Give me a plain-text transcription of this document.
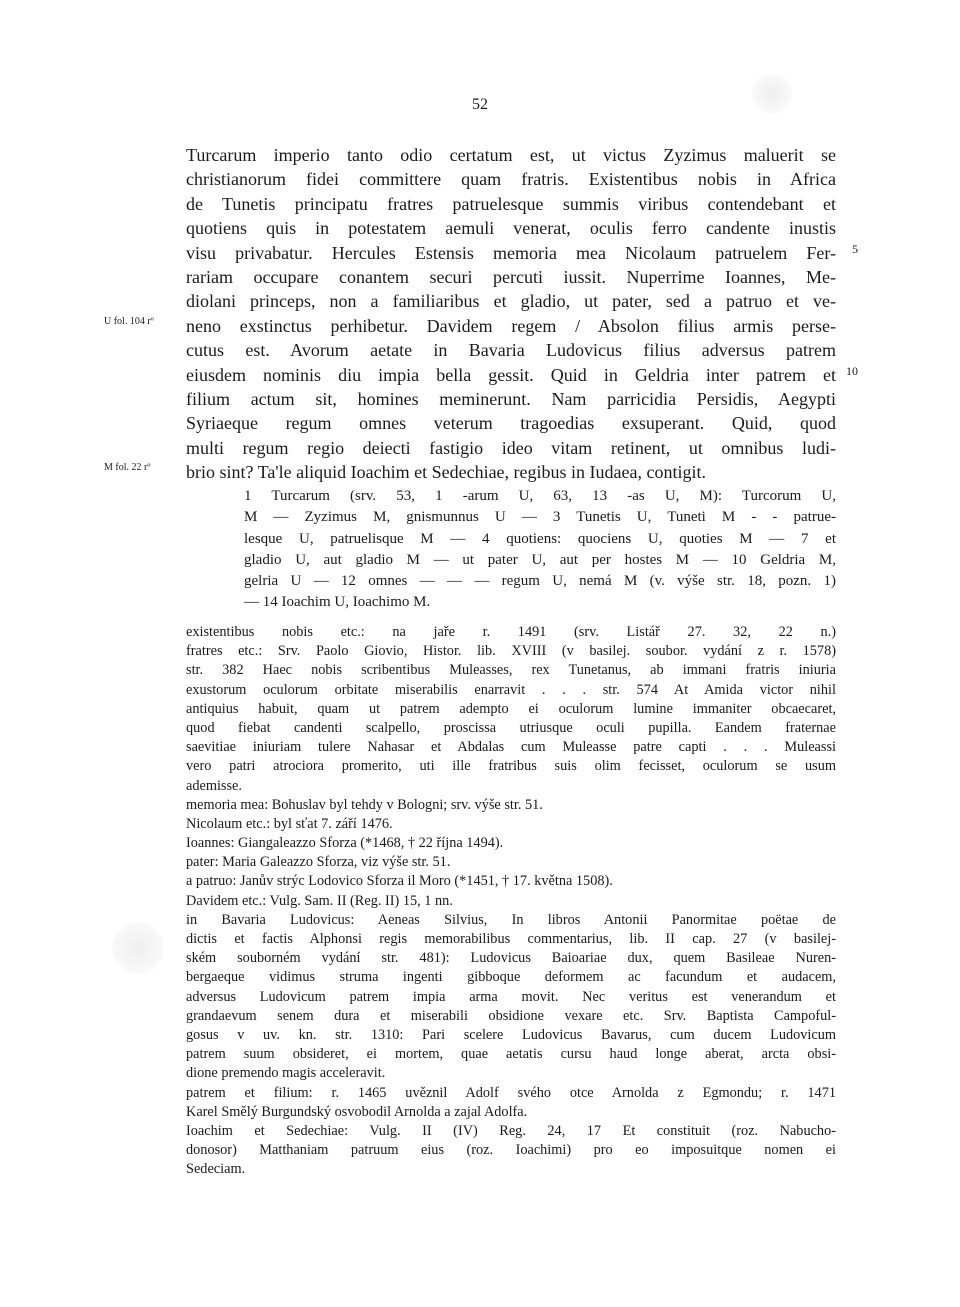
52
Turcarum imperio tanto odio certatum est, ut victus Zyzimus maluerit se
christianorum fidei committere quam fratris. Existentibus nobis in Africa
de Tunetis principatu fratres patruelesque summis viribus contendebant et
quotiens quis in potestatem aemuli venerat, oculis ferro candente inustis
visu privabatur. Hercules Estensis memoria mea Nicolaum patruelem Fer-
rariam occupare conantem securi percuti iussit. Nuperrime Ioannes, Me-
diolani princeps, non a familiaribus et gladio, ut pater, sed a patruo et ve-
neno exstinctus perhibetur. Davidem regem / Absolon filius armis perse-
cutus est. Avorum aetate in Bavaria Ludovicus filius adversus patrem
eiusdem nominis diu impia bella gessit. Quid in Geldria inter patrem et
filium actum sit, homines meminerunt. Nam parricidia Persidis, Aegypti
Syriaeque regum omnes veterum tragoedias exsuperant. Quid, quod
multi regum regio deiecti fastigio ideo vitam retinent, ut omnibus ludi-
brio sint? Ta'le aliquid Ioachim et Sedechiae, regibus in Iudaea, contigit.
U fol. 104 rº
M fol. 22 rº
5
10
1 Turcarum (srv. 53, 1 -arum U, 63, 13 -as U, M): Turcorum U,
M — Zyzimus M, gnismunnus U — 3 Tunetis U, Tuneti M - - patrue-
lesque U, patruelisque M — 4 quotiens: quociens U, quoties M — 7 et
gladio U, aut gladio M — ut pater U, aut per hostes M — 10 Geldria M,
gelria U — 12 omnes — — — regum U, nemá M (v. výše str. 18, pozn. 1)
— 14 Ioachim U, Ioachimo M.
existentibus nobis etc.: na jaře r. 1491 (srv. Listář 27. 32, 22 n.)
fratres etc.: Srv. Paolo Giovio, Histor. lib. XVIII (v basilej. soubor. vydání z r. 1578)
str. 382 Haec nobis scribentibus Muleasses, rex Tunetanus, ab immani fratris iniuria
exustorum oculorum orbitate miserabilis enarravit . . . str. 574 At Amida victor nihil
antiquius habuit, quam ut patrem adempto ei oculorum lumine immaniter obcaecaret,
quod fiebat candenti scalpello, proscissa utriusque oculi pupilla. Eandem fraternae
saevitiae iniuriam tulere Nahasar et Abdalas cum Muleasse patre capti . . . Muleassi
vero patri atrociora promerito, uti ille fratribus suis olim fecisset, oculorum se usum
ademisse.
memoria mea: Bohuslav byl tehdy v Bologni; srv. výše str. 51.
Nicolaum etc.: byl sťat 7. září 1476.
Ioannes: Giangaleazzo Sforza (*1468, † 22 října 1494).
pater: Maria Galeazzo Sforza, viz výše str. 51.
a patruo: Janův strýc Lodovico Sforza il Moro (*1451, † 17. května 1508).
Davidem etc.: Vulg. Sam. II (Reg. II) 15, 1 nn.
in Bavaria Ludovicus: Aeneas Silvius, In libros Antonii Panormitae poëtae de
dictis et factis Alphonsi regis memorabilibus commentarius, lib. II cap. 27 (v basilej-
ském souborném vydání str. 481): Ludovicus Baioariae dux, quem Basileae Nuren-
bergaeque vidimus struma ingenti gibboque deformem ac facundum et audacem,
adversus Ludovicum patrem impia arma movit. Nec veritus est venerandum et
grandaevum senem dura et miserabili obsidione vexare etc. Srv. Baptista Campoful-
gosus v uv. kn. str. 1310: Pari scelere Ludovicus Bavarus, cum ducem Ludovicum
patrem suum obsideret, ei mortem, quae aetatis cursu haud longe aberat, arcta obsi-
dione premendo magis acceleravit.
patrem et filium: r. 1465 uvěznil Adolf svého otce Arnolda z Egmondu; r. 1471
Karel Smělý Burgundský osvobodil Arnolda a zajal Adolfa.
Ioachim et Sedechiae: Vulg. II (IV) Reg. 24, 17 Et constituit (roz. Nabucho-
donosor) Matthaniam patruum eius (roz. Ioachimi) pro eo imposuitque nomen ei
Sedeciam.
